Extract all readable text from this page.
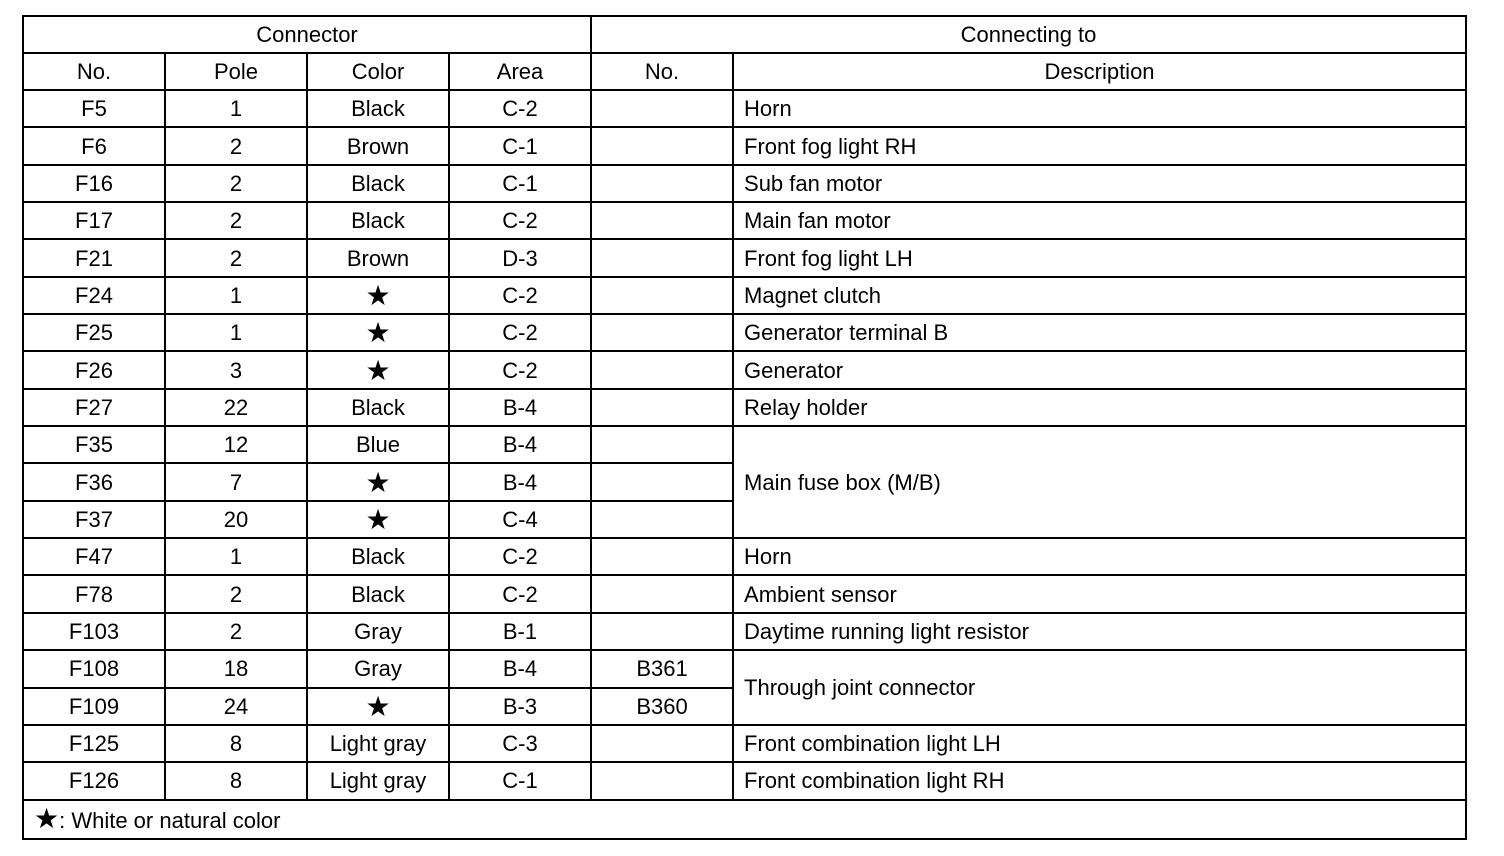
Connector				Connecting to	
No.	Pole	Color	Area	No.	Description
F5	1	Black	C-2		Horn
F6	2	Brown	C-1		Front fog light RH
F16	2	Black	C-1		Sub fan motor
F17	2	Black	C-2		Main fan motor
F21	2	Brown	D-3		Front fog light LH
F24	1	★	C-2		Magnet clutch
F25	1	★	C-2		Generator terminal B
F26	3	★	C-2		Generator
F27	22	Black	B-4		Relay holder
F35	12	Blue	B-4		Main fuse box (M/B)
F36	7	★	B-4		
F37	20	★	C-4		
F47	1	Black	C-2		Horn
F78	2	Black	C-2		Ambient sensor
F103	2	Gray	B-1		Daytime running light resistor
F108	18	Gray	B-4	B361	Through joint connector
F109	24	★	B-3	B360	
F125	8	Light gray	C-3		Front combination light LH
F126	8	Light gray	C-1		Front combination light RH
★: White or natural color					
